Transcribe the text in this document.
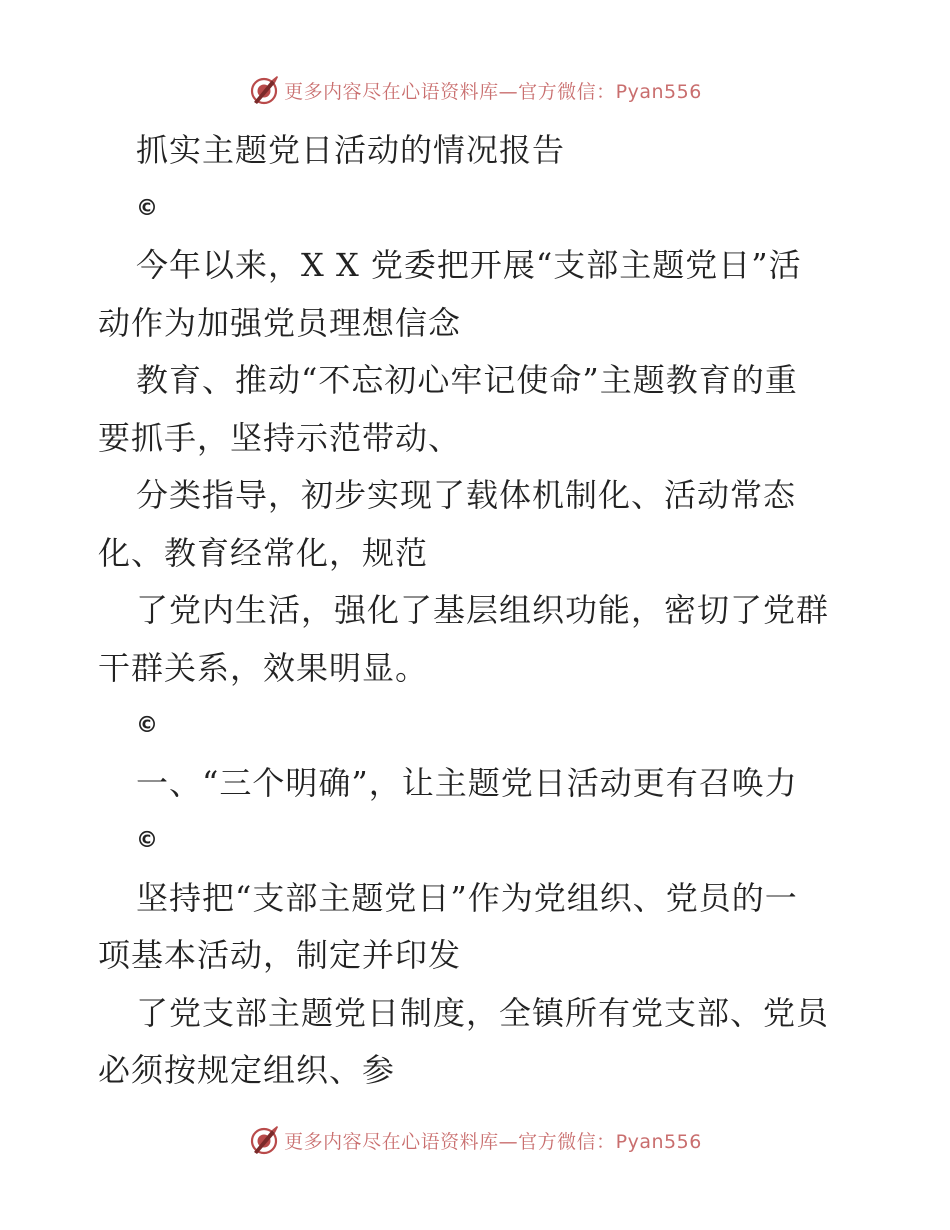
更多内容尽在心语资料库—官方微信：Pyan556
抓实主题党日活动的情况报告
©
今年以来，X X 党委把开展“支部主题党日”活
动作为加强党员理想信念
教育、推动“不忘初心牢记使命”主题教育的重
要抓手，坚持示范带动、
分类指导，初步实现了载体机制化、活动常态
化、教育经常化，规范
了党内生活，强化了基层组织功能，密切了党群
干群关系，效果明显。
©
一、“三个明确”，让主题党日活动更有召唤力
©
坚持把“支部主题党日”作为党组织、党员的一
项基本活动，制定并印发
了党支部主题党日制度，全镇所有党支部、党员
必须按规定组织、参
更多内容尽在心语资料库—官方微信：Pyan556
